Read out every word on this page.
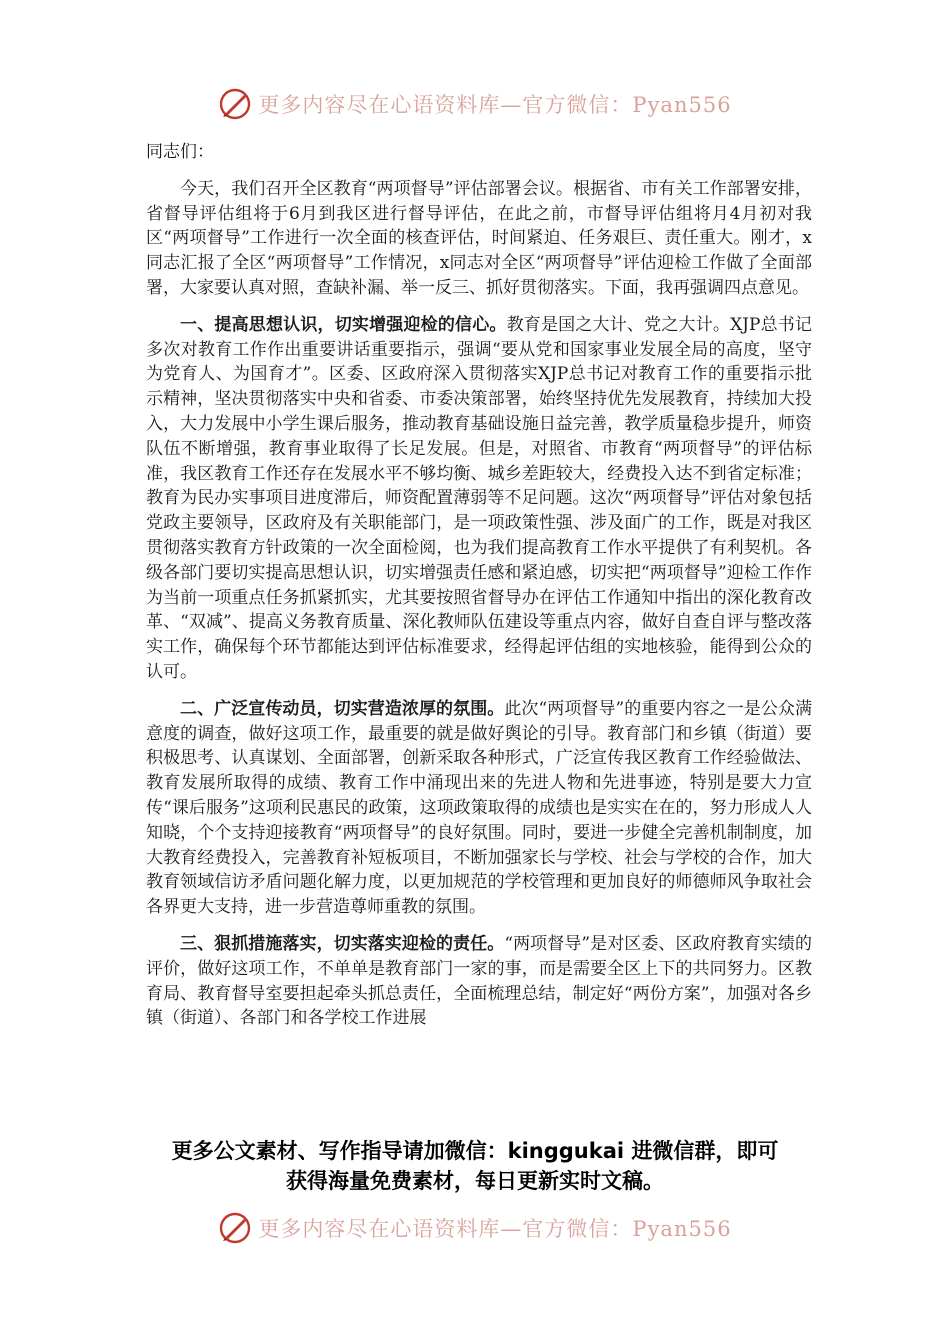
更多内容尽在心语资料库—官方微信：Pyan556

同志们：

今天，我们召开全区教育“两项督导”评估部署会议。根据省、市有关工作部署安排，省督导评估组将于6月到我区进行督导评估，在此之前，市督导评估组将月4月初对我区“两项督导”工作进行一次全面的核查评估，时间紧迫、任务艰巨、责任重大。刚才，x同志汇报了全区“两项督导”工作情况，x同志对全区“两项督导”评估迎检工作做了全面部署，大家要认真对照，查缺补漏、举一反三、抓好贯彻落实。下面，我再强调四点意见。

一、提高思想认识，切实增强迎检的信心。教育是国之大计、党之大计。XJP总书记多次对教育工作作出重要讲话重要指示，强调“要从党和国家事业发展全局的高度，坚守为党育人、为国育才”。区委、区政府深入贯彻落实XJP总书记对教育工作的重要指示批示精神，坚决贯彻落实中央和省委、市委决策部署，始终坚持优先发展教育，持续加大投入，大力发展中小学生课后服务，推动教育基础设施日益完善，教学质量稳步提升，师资队伍不断增强，教育事业取得了长足发展。但是，对照省、市教育“两项督导”的评估标准，我区教育工作还存在发展水平不够均衡、城乡差距较大，经费投入达不到省定标准；教育为民办实事项目进度滞后，师资配置薄弱等不足问题。这次“两项督导”评估对象包括党政主要领导，区政府及有关职能部门，是一项政策性强、涉及面广的工作，既是对我区贯彻落实教育方针政策的一次全面检阅，也为我们提高教育工作水平提供了有利契机。各级各部门要切实提高思想认识，切实增强责任感和紧迫感，切实把“两项督导”迎检工作作为当前一项重点任务抓紧抓实，尤其要按照省督导办在评估工作通知中指出的深化教育改革、“双减”、提高义务教育质量、深化教师队伍建设等重点内容，做好自查自评与整改落实工作，确保每个环节都能达到评估标准要求，经得起评估组的实地核验，能得到公众的认可。

二、广泛宣传动员，切实营造浓厚的氛围。此次“两项督导”的重要内容之一是公众满意度的调查，做好这项工作，最重要的就是做好舆论的引导。教育部门和乡镇（街道）要积极思考、认真谋划、全面部署，创新采取各种形式，广泛宣传我区教育工作经验做法、教育发展所取得的成绩、教育工作中涌现出来的先进人物和先进事迹，特别是要大力宣传“课后服务”这项利民惠民的政策，这项政策取得的成绩也是实实在在的，努力形成人人知晓，个个支持迎接教育“两项督导”的良好氛围。同时，要进一步健全完善机制制度，加大教育经费投入，完善教育补短板项目，不断加强家长与学校、社会与学校的合作，加大教育领域信访矛盾问题化解力度，以更加规范的学校管理和更加良好的师德师风争取社会各界更大支持，进一步营造尊师重教的氛围。

三、狠抓措施落实，切实落实迎检的责任。“两项督导”是对区委、区政府教育实绩的评价，做好这项工作，不单单是教育部门一家的事，而是需要全区上下的共同努力。区教育局、教育督导室要担起牵头抓总责任，全面梳理总结，制定好“两份方案”，加强对各乡镇（街道）、各部门和各学校工作进展

更多公文素材、写作指导请加微信：kinggukai 进微信群，即可
获得海量免费素材，每日更新实时文稿。
更多内容尽在心语资料库—官方微信：Pyan556
